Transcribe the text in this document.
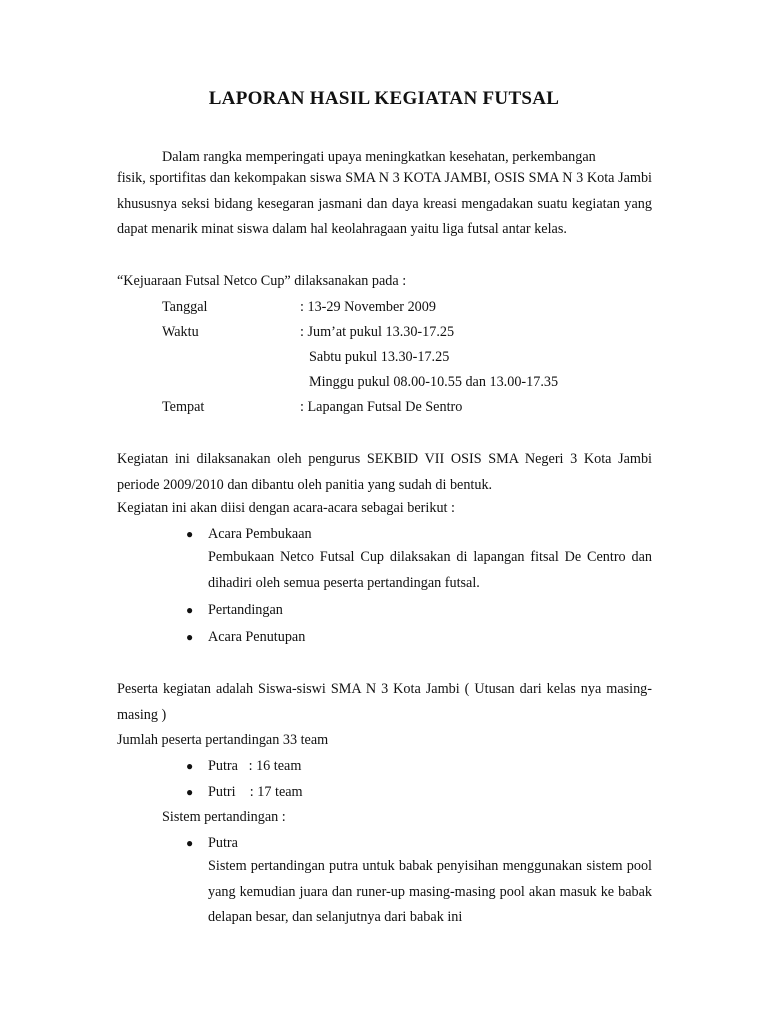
LAPORAN HASIL KEGIATAN FUTSAL
Dalam rangka memperingati upaya meningkatkan kesehatan, perkembangan

fisik, sportifitas dan kekompakan siswa SMA N 3 KOTA JAMBI, OSIS SMA N 3 Kota Jambi khususnya seksi bidang kesegaran jasmani dan daya kreasi mengadakan suatu kegiatan yang dapat menarik minat siswa dalam hal keolahragaan yaitu liga futsal antar kelas.

“Kejuaraan Futsal Netco Cup” dilaksanakan pada :
Tanggal	: 13-29 November 2009
Waktu	: Jum’at pukul 13.30-17.25
Sabtu pukul 13.30-17.25
Minggu pukul 08.00-10.55 dan 13.00-17.35
Tempat	: Lapangan Futsal De Sentro

Kegiatan ini dilaksanakan oleh pengurus SEKBID VII OSIS SMA Negeri 3 Kota Jambi periode 2009/2010 dan dibantu oleh panitia yang sudah di bentuk.

Kegiatan ini akan diisi dengan acara-acara sebagai berikut :
● Acara Pembukaan

Pembukaan Netco Futsal Cup dilaksakan di lapangan fitsal De Centro dan dihadiri oleh semua peserta pertandingan futsal.

● Pertandingan
● Acara Penutupan

Peserta kegiatan adalah Siswa-siswi SMA N 3 Kota Jambi ( Utusan dari kelas nya masing-masing )

Jumlah peserta pertandingan 33 team
● Putra   : 16 team
● Putri    : 17 team
Sistem pertandingan :
● Putra

Sistem pertandingan putra untuk babak penyisihan menggunakan sistem pool yang kemudian juara dan runer-up masing-masing pool akan masuk ke babak delapan besar, dan selanjutnya dari babak ini
